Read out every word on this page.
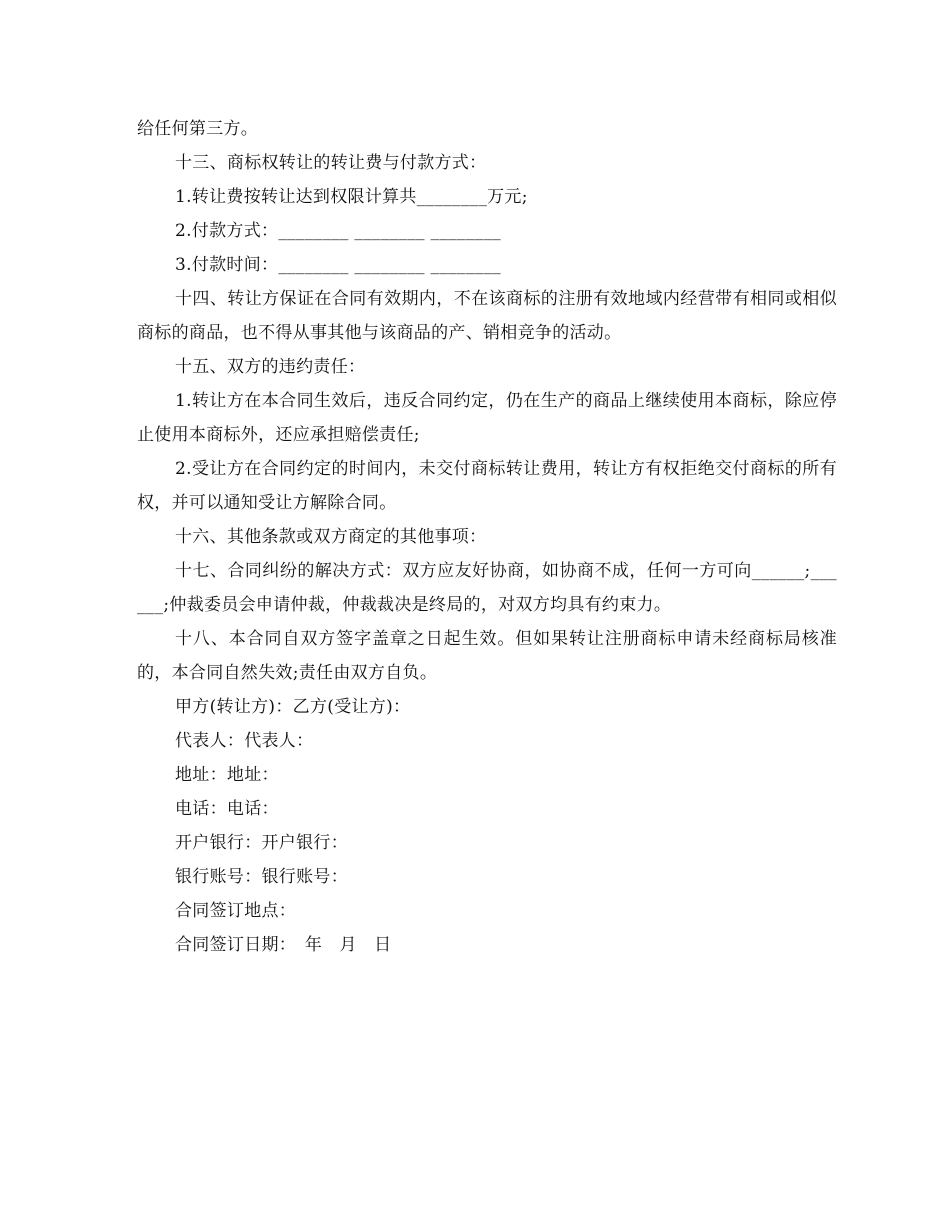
给任何第三方。

十三、商标权转让的转让费与付款方式：

1.转让费按转让达到权限计算共________万元;

2.付款方式：________ ________ ________

3.付款时间：________ ________ ________

十四、转让方保证在合同有效期内，不在该商标的注册有效地域内经营带有相同或相似商标的商品，也不得从事其他与该商品的产、销相竞争的活动。

十五、双方的违约责任：

1.转让方在本合同生效后，违反合同约定，仍在生产的商品上继续使用本商标，除应停止使用本商标外，还应承担赔偿责任;

2.受让方在合同约定的时间内，未交付商标转让费用，转让方有权拒绝交付商标的所有权，并可以通知受让方解除合同。

十六、其他条款或双方商定的其他事项：

十七、合同纠纷的解决方式：双方应友好协商，如协商不成，任何一方可向______;______;仲裁委员会申请仲裁，仲裁裁决是终局的，对双方均具有约束力。

十八、本合同自双方签字盖章之日起生效。但如果转让注册商标申请未经商标局核准的，本合同自然失效;责任由双方自负。

甲方(转让方)：乙方(受让方)：

代表人：代表人：

地址：地址：

电话：电话：

开户银行：开户银行：

银行账号：银行账号：

合同签订地点：

合同签订日期：　年　月　日
